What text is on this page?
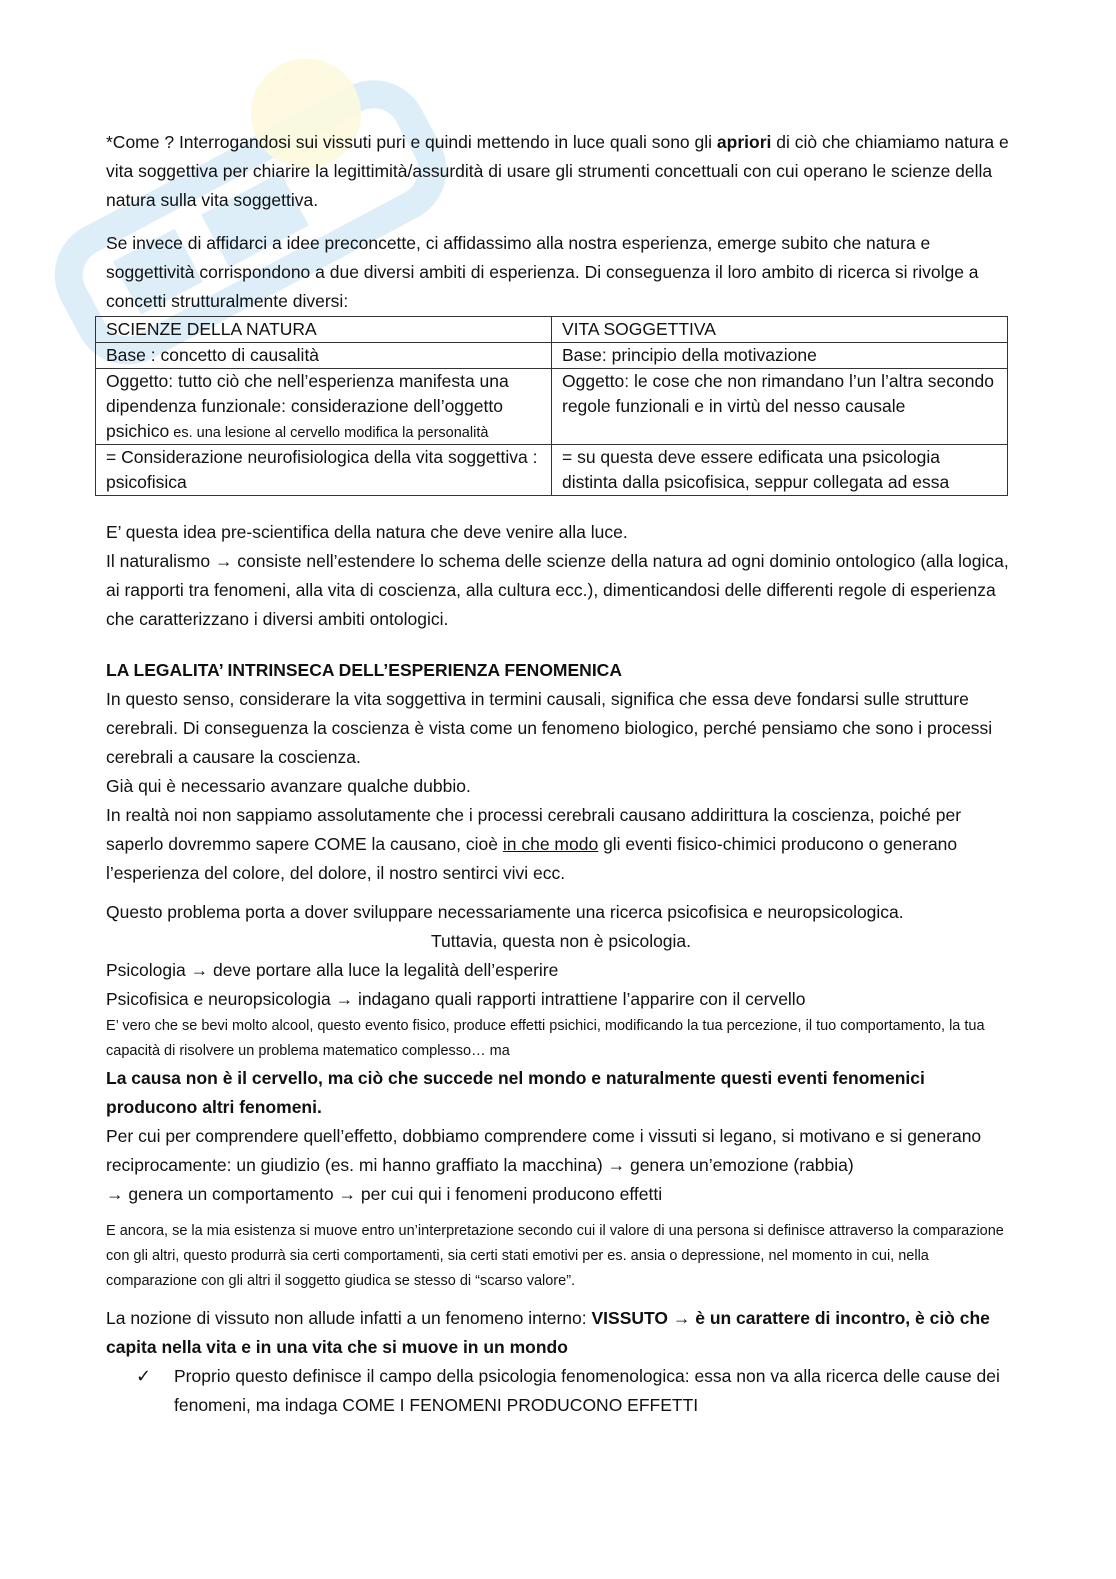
*Come ? Interrogandosi sui vissuti puri e quindi mettendo in luce quali sono gli apriori di ciò che chiamiamo natura e vita soggettiva per chiarire la legittimità/assurdità di usare gli strumenti concettuali con cui operano le scienze della natura sulla vita soggettiva.

Se invece di affidarci a idee preconcette, ci affidassimo alla nostra esperienza, emerge subito che natura e soggettività corrispondono a due diversi ambiti di esperienza. Di conseguenza il loro ambito di ricerca si rivolge a concetti strutturalmente diversi:

SCIENZE DELLA NATURA	VITA SOGGETTIVA
Base : concetto di causalità	Base: principio della motivazione
Oggetto: tutto ciò che nell’esperienza manifesta una dipendenza funzionale: considerazione dell’oggetto psichico es. una lesione al cervello modifica la personalità	Oggetto: le cose che non rimandano l’un l’altra secondo regole funzionali e in virtù del nesso causale
= Considerazione neurofisiologica della vita soggettiva : psicofisica	= su questa deve essere edificata una psicologia distinta dalla psicofisica, seppur collegata ad essa

E’ questa idea pre-scientifica della natura che deve venire alla luce.

Il naturalismo → consiste nell’estendere lo schema delle scienze della natura ad ogni dominio ontologico (alla logica, ai rapporti tra fenomeni, alla vita di coscienza, alla cultura ecc.), dimenticandosi delle differenti regole di esperienza che caratterizzano i diversi ambiti ontologici.

LA LEGALITA’ INTRINSECA DELL’ESPERIENZA FENOMENICA

In questo senso, considerare la vita soggettiva in termini causali, significa che essa deve fondarsi sulle strutture cerebrali. Di conseguenza la coscienza è vista come un fenomeno biologico, perché pensiamo che sono i processi cerebrali a causare la coscienza.

Già qui è necessario avanzare qualche dubbio.

In realtà noi non sappiamo assolutamente che i processi cerebrali causano addirittura la coscienza, poiché per saperlo dovremmo sapere COME la causano, cioè in che modo gli eventi fisico-chimici producono o generano l’esperienza del colore, del dolore, il nostro sentirci vivi ecc.

Questo problema porta a dover sviluppare necessariamente una ricerca psicofisica e neuropsicologica.

Tuttavia, questa non è psicologia.

Psicologia → deve portare alla luce la legalità dell’esperire

Psicofisica e neuropsicologia → indagano quali rapporti intrattiene l’apparire con il cervello

E’ vero che se bevi molto alcool, questo evento fisico, produce effetti psichici, modificando la tua percezione, il tuo comportamento, la tua capacità di risolvere un problema matematico complesso… ma

La causa non è il cervello, ma ciò che succede nel mondo e naturalmente questi eventi fenomenici producono altri fenomeni.

Per cui per comprendere quell’effetto, dobbiamo comprendere come i vissuti si legano, si motivano e si generano reciprocamente: un giudizio (es. mi hanno graffiato la macchina) → genera un’emozione (rabbia)
→ genera un comportamento → per cui qui i fenomeni producono effetti

E ancora, se la mia esistenza si muove entro un’interpretazione secondo cui il valore di una persona si definisce attraverso la comparazione con gli altri, questo produrrà sia certi comportamenti, sia certi stati emotivi per es. ansia o depressione, nel momento in cui, nella comparazione con gli altri il soggetto giudica se stesso di “scarso valore”.

La nozione di vissuto non allude infatti a un fenomeno interno: VISSUTO → è un carattere di incontro, è ciò che capita nella vita e in una vita che si muove in un mondo

✓	Proprio questo definisce il campo della psicologia fenomenologica: essa non va alla ricerca delle cause dei fenomeni, ma indaga COME I FENOMENI PRODUCONO EFFETTI
